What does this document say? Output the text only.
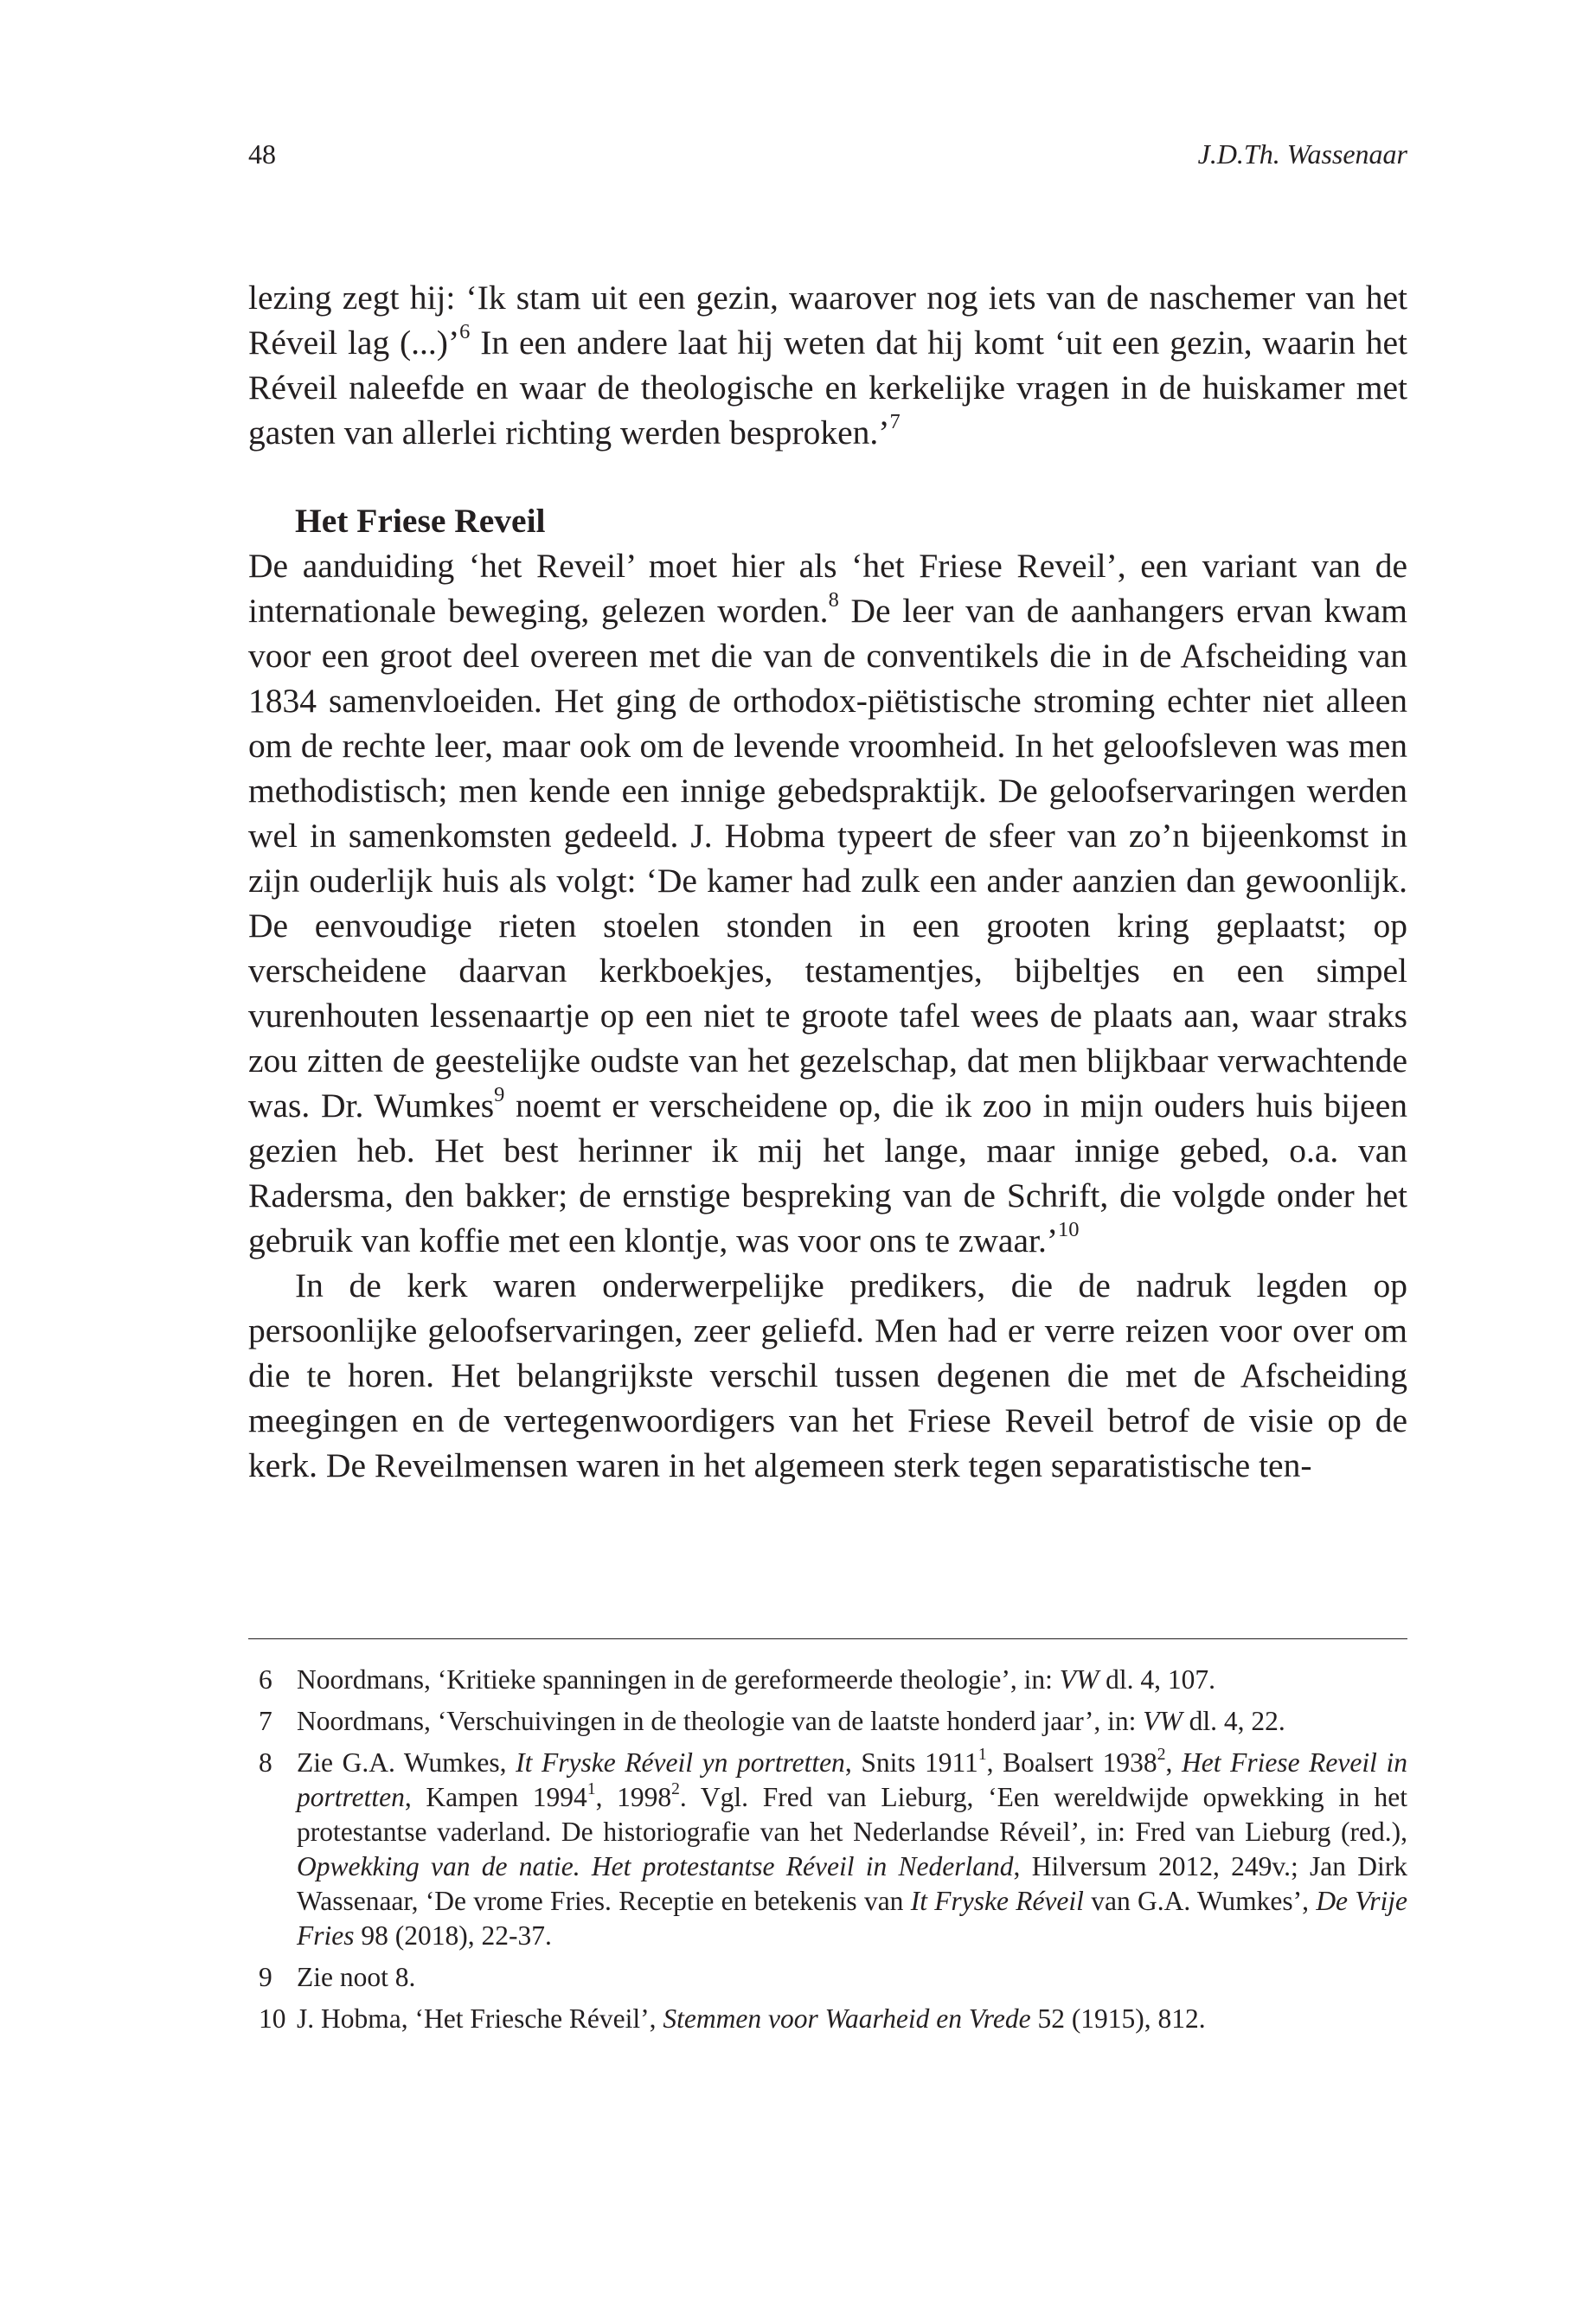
48	J.D.Th. Wassenaar

lezing zegt hij: ‘Ik stam uit een gezin, waarover nog iets van de naschemer van het Réveil lag (...)’$^6$ In een andere laat hij weten dat hij komt ‘uit een gezin, waarin het Réveil naleefde en waar de theologische en kerkelijke vragen in de huiskamer met gasten van allerlei richting werden besproken.’$^7$

Het Friese Reveil

De aanduiding ‘het Reveil’ moet hier als ‘het Friese Reveil’, een variant van de internationale beweging, gelezen worden.$^8$ De leer van de aanhangers ervan kwam voor een groot deel overeen met die van de conventikels die in de Afscheiding van 1834 samenvloeiden. Het ging de orthodox-piëtistische stroming echter niet alleen om de rechte leer, maar ook om de levende vroomheid. In het geloofsleven was men methodistisch; men kende een innige gebedspraktijk. De geloofservaringen werden wel in samenkomsten gedeeld. J. Hobma typeert de sfeer van zo’n bijeenkomst in zijn ouderlijk huis als volgt: ‘De kamer had zulk een ander aanzien dan gewoonlijk. De eenvoudige rieten stoelen stonden in een grooten kring geplaatst; op verscheidene daarvan kerkboekjes, testamentjes, bijbeltjes en een simpel vurenhouten lessenaartje op een niet te groote tafel wees de plaats aan, waar straks zou zitten de geestelijke oudste van het gezelschap, dat men blijkbaar verwachtende was. Dr. Wumkes$^9$ noemt er verscheidene op, die ik zoo in mijn ouders huis bijeen gezien heb. Het best herinner ik mij het lange, maar innige gebed, o.a. van Radersma, den bakker; de ernstige bespreking van de Schrift, die volgde onder het gebruik van koffie met een klontje, was voor ons te zwaar.’$^{10}$

In de kerk waren onderwerpelijke predikers, die de nadruk legden op persoonlijke geloofservaringen, zeer geliefd. Men had er verre reizen voor over om die te horen. Het belangrijkste verschil tussen degenen die met de Afscheiding meegingen en de vertegenwoordigers van het Friese Reveil betrof de visie op de kerk. De Reveilmensen waren in het algemeen sterk tegen separatistische ten-

6 Noordmans, ‘Kritieke spanningen in de gereformeerde theologie’, in: VW dl. 4, 107.
7 Noordmans, ‘Verschuivingen in de theologie van de laatste honderd jaar’, in: VW dl. 4, 22.
8 Zie G.A. Wumkes, It Fryske Réveil yn portretten, Snits 1911$^1$, Boalsert 1938$^2$, Het Friese Reveil in portretten, Kampen 1994$^1$, 1998$^2$. Vgl. Fred van Lieburg, ‘Een wereldwijde opwekking in het protestantse vaderland. De historiografie van het Nederlandse Réveil’, in: Fred van Lieburg (red.), Opwekking van de natie. Het protestantse Réveil in Nederland, Hilversum 2012, 249v.; Jan Dirk Wassenaar, ‘De vrome Fries. Receptie en betekenis van It Fryske Réveil van G.A. Wumkes’, De Vrije Fries 98 (2018), 22-37.
9 Zie noot 8.
10 J. Hobma, ‘Het Friesche Réveil’, Stemmen voor Waarheid en Vrede 52 (1915), 812.
